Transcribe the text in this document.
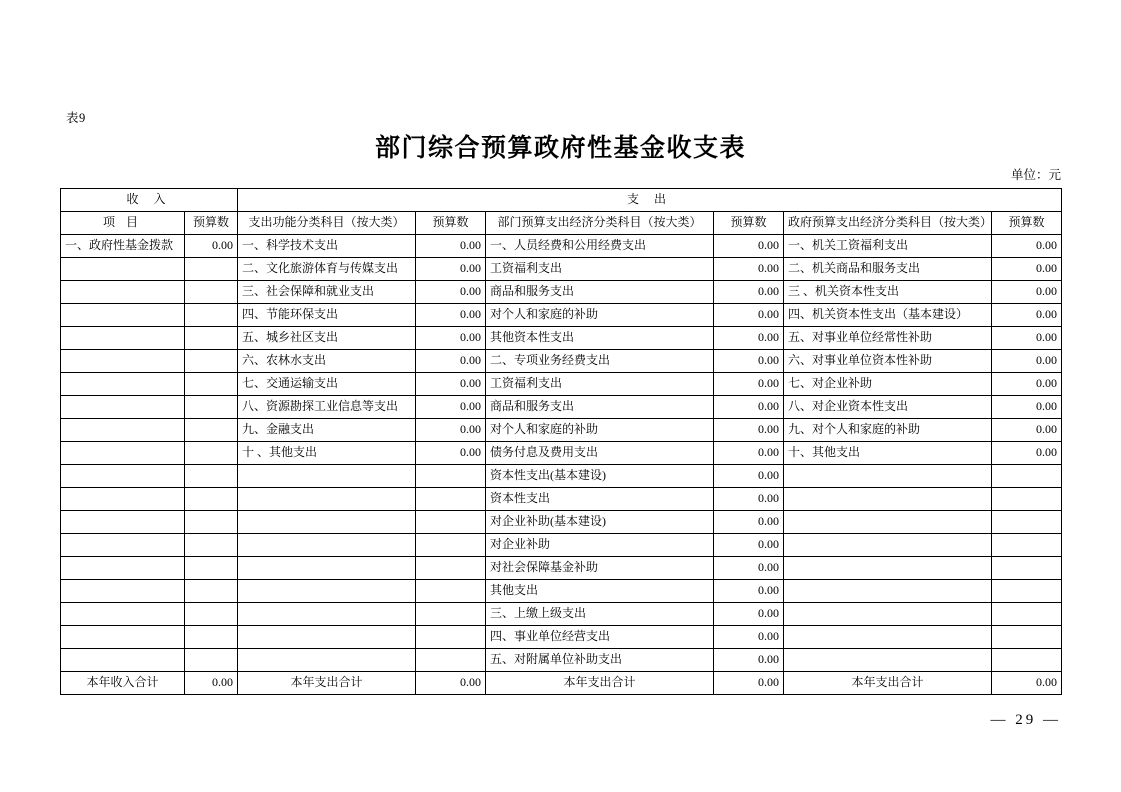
表9
部门综合预算政府性基金收支表
单位：元
收 入		支 出					
项 目	预算数	支出功能分类科目（按大类）	预算数	部门预算支出经济分类科目（按大类）	预算数	政府预算支出经济分类科目（按大类）	预算数
一、政府性基金拨款	0.00	一、科学技术支出	0.00	一、人员经费和公用经费支出	0.00	一、机关工资福利支出	0.00
		二、文化旅游体育与传媒支出	0.00	工资福利支出	0.00	二、机关商品和服务支出	0.00
		三、社会保障和就业支出	0.00	商品和服务支出	0.00	三 、机关资本性支出	0.00
		四、节能环保支出	0.00	对个人和家庭的补助	0.00	四、机关资本性支出（基本建设）	0.00
		五、城乡社区支出	0.00	其他资本性支出	0.00	五、对事业单位经常性补助	0.00
		六、农林水支出	0.00	二、专项业务经费支出	0.00	六、对事业单位资本性补助	0.00
		七、交通运输支出	0.00	工资福利支出	0.00	七、对企业补助	0.00
		八、资源勘探工业信息等支出	0.00	商品和服务支出	0.00	八、对企业资本性支出	0.00
		九、金融支出	0.00	对个人和家庭的补助	0.00	九、对个人和家庭的补助	0.00
		十 、其他支出	0.00	债务付息及费用支出	0.00	十、其他支出	0.00
				资本性支出(基本建设)	0.00		
				资本性支出	0.00		
				对企业补助(基本建设)	0.00		
				对企业补助	0.00		
				对社会保障基金补助	0.00		
				其他支出	0.00		
				三、上缴上级支出	0.00		
				四、事业单位经营支出	0.00		
				五、对附属单位补助支出	0.00		
本年收入合计	0.00	本年支出合计	0.00	本年支出合计	0.00	本年支出合计	0.00
— 29 —
